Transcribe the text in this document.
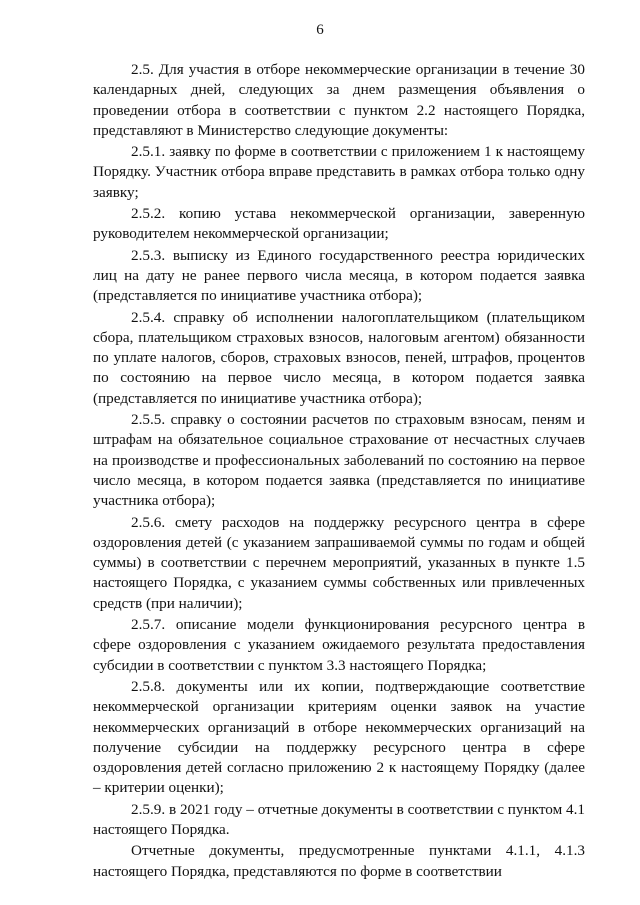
6

2.5. Для участия в отборе некоммерческие организации в течение 30 календарных дней, следующих за днем размещения объявления о проведении отбора в соответствии с пунктом 2.2 настоящего Порядка, представляют в Министерство следующие документы:

2.5.1. заявку по форме в соответствии с приложением 1 к настоящему Порядку. Участник отбора вправе представить в рамках отбора только одну заявку;

2.5.2. копию устава некоммерческой организации, заверенную руководителем некоммерческой организации;

2.5.3. выписку из Единого государственного реестра юридических лиц на дату не ранее первого числа месяца, в котором подается заявка (представляется по инициативе участника отбора);

2.5.4. справку об исполнении налогоплательщиком (плательщиком сбора, плательщиком страховых взносов, налоговым агентом) обязанности по уплате налогов, сборов, страховых взносов, пеней, штрафов, процентов по состоянию на первое число месяца, в котором подается заявка (представляется по инициативе участника отбора);

2.5.5. справку о состоянии расчетов по страховым взносам, пеням и штрафам на обязательное социальное страхование от несчастных случаев на производстве и профессиональных заболеваний по состоянию на первое число месяца, в котором подается заявка (представляется по инициативе участника отбора);

2.5.6. смету расходов на поддержку ресурсного центра в сфере оздоровления детей (с указанием запрашиваемой суммы по годам и общей суммы) в соответствии с перечнем мероприятий, указанных в пункте 1.5 настоящего Порядка, с указанием суммы собственных или привлеченных средств (при наличии);

2.5.7. описание модели функционирования ресурсного центра в сфере оздоровления с указанием ожидаемого результата предоставления субсидии в соответствии с пунктом 3.3 настоящего Порядка;

2.5.8. документы или их копии, подтверждающие соответствие некоммерческой организации критериям оценки заявок на участие некоммерческих организаций в отборе некоммерческих организаций на получение субсидии на поддержку ресурсного центра в сфере оздоровления детей согласно приложению 2 к настоящему Порядку (далее – критерии оценки);

2.5.9. в 2021 году – отчетные документы в соответствии с пунктом 4.1 настоящего Порядка.

Отчетные документы, предусмотренные пунктами 4.1.1, 4.1.3 настоящего Порядка, представляются по форме в соответствии
